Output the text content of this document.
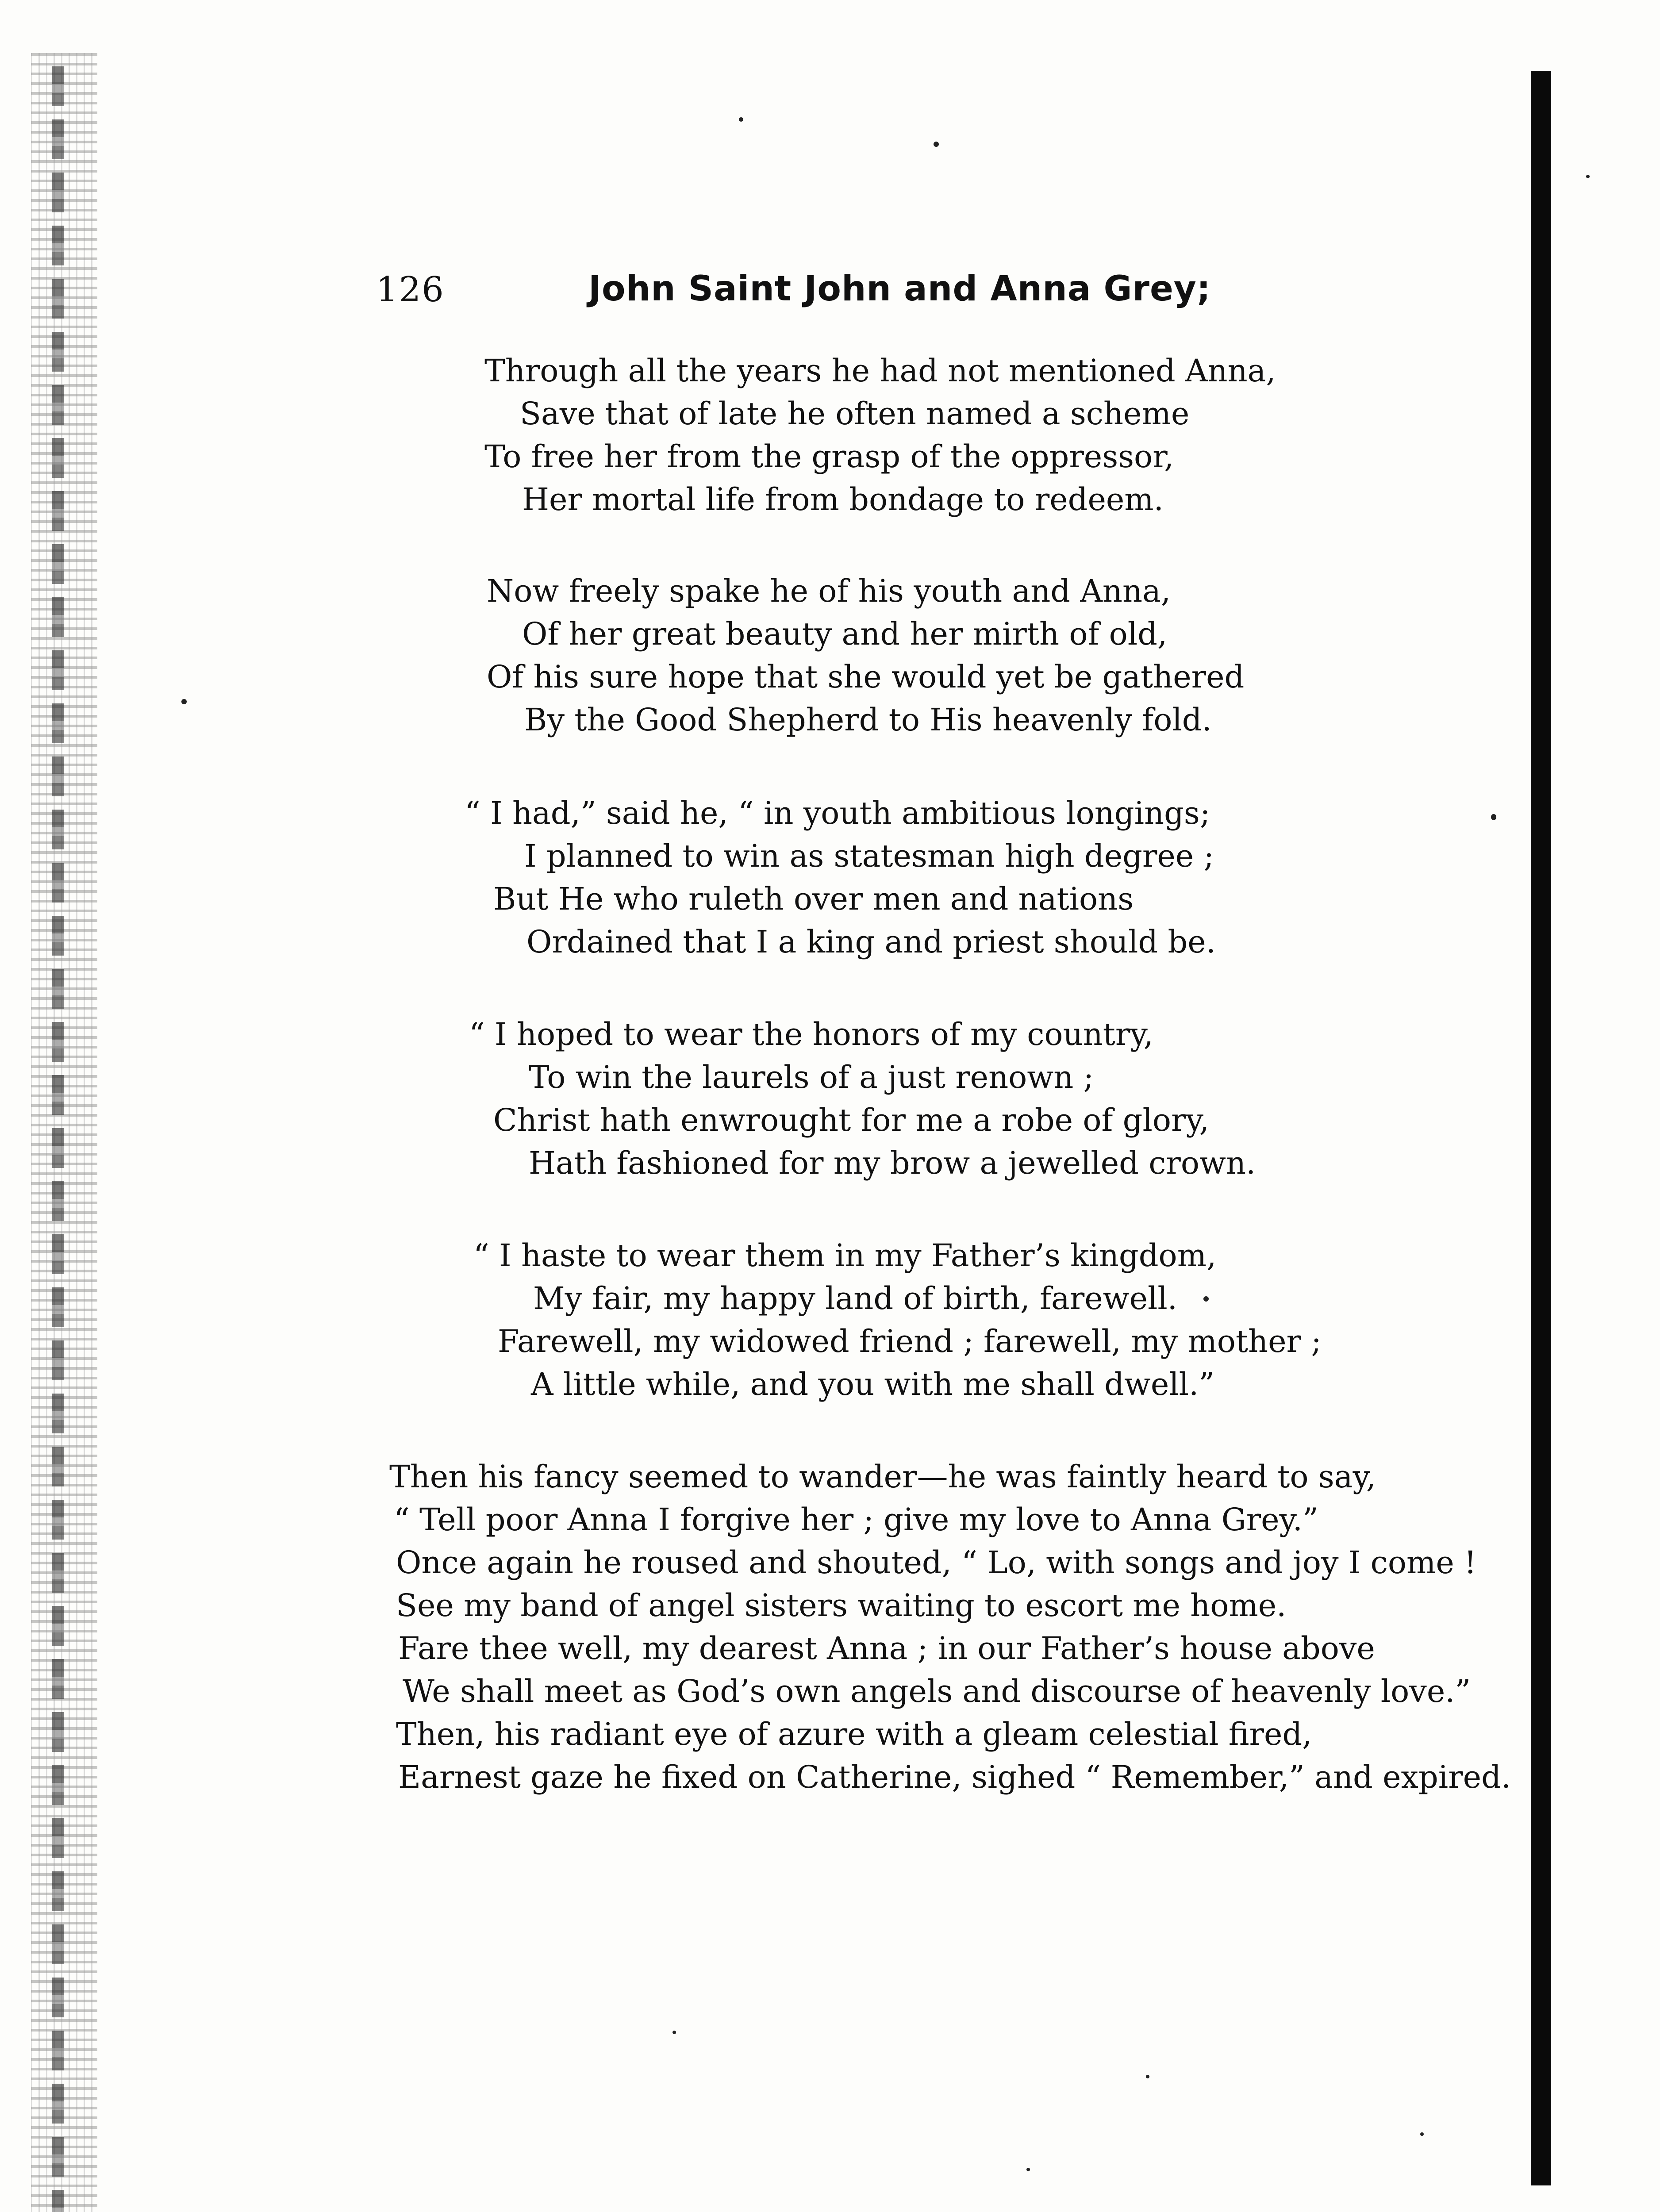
126	John Saint John and Anna Grey;
Through all the years he had not mentioned Anna,
Save that of late he often named a scheme
To free her from the grasp of the oppressor,
Her mortal life from bondage to redeem.
Now freely spake he of his youth and Anna,
Of her great beauty and her mirth of old,
Of his sure hope that she would yet be gathered
By the Good Shepherd to His heavenly fold.
“ I had,” said he, “ in youth ambitious longings;
I planned to win as statesman high degree ;
But He who ruleth over men and nations
Ordained that I a king and priest should be.
“ I hoped to wear the honors of my country,
To win the laurels of a just renown ;
Christ hath enwrought for me a robe of glory,
Hath fashioned for my brow a jewelled crown.
“ I haste to wear them in my Father’s kingdom,
My fair, my happy land of birth, farewell.
Farewell, my widowed friend ; farewell, my mother ;
A little while, and you with me shall dwell.”
Then his fancy seemed to wander—he was faintly heard to say,
“ Tell poor Anna I forgive her ; give my love to Anna Grey.”
Once again he roused and shouted, “ Lo, with songs and joy I come !
See my band of angel sisters waiting to escort me home.
Fare thee well, my dearest Anna ; in our Father’s house above
We shall meet as God’s own angels and discourse of heavenly love.”
Then, his radiant eye of azure with a gleam celestial fired,
Earnest gaze he fixed on Catherine, sighed “ Remember,” and expired.
